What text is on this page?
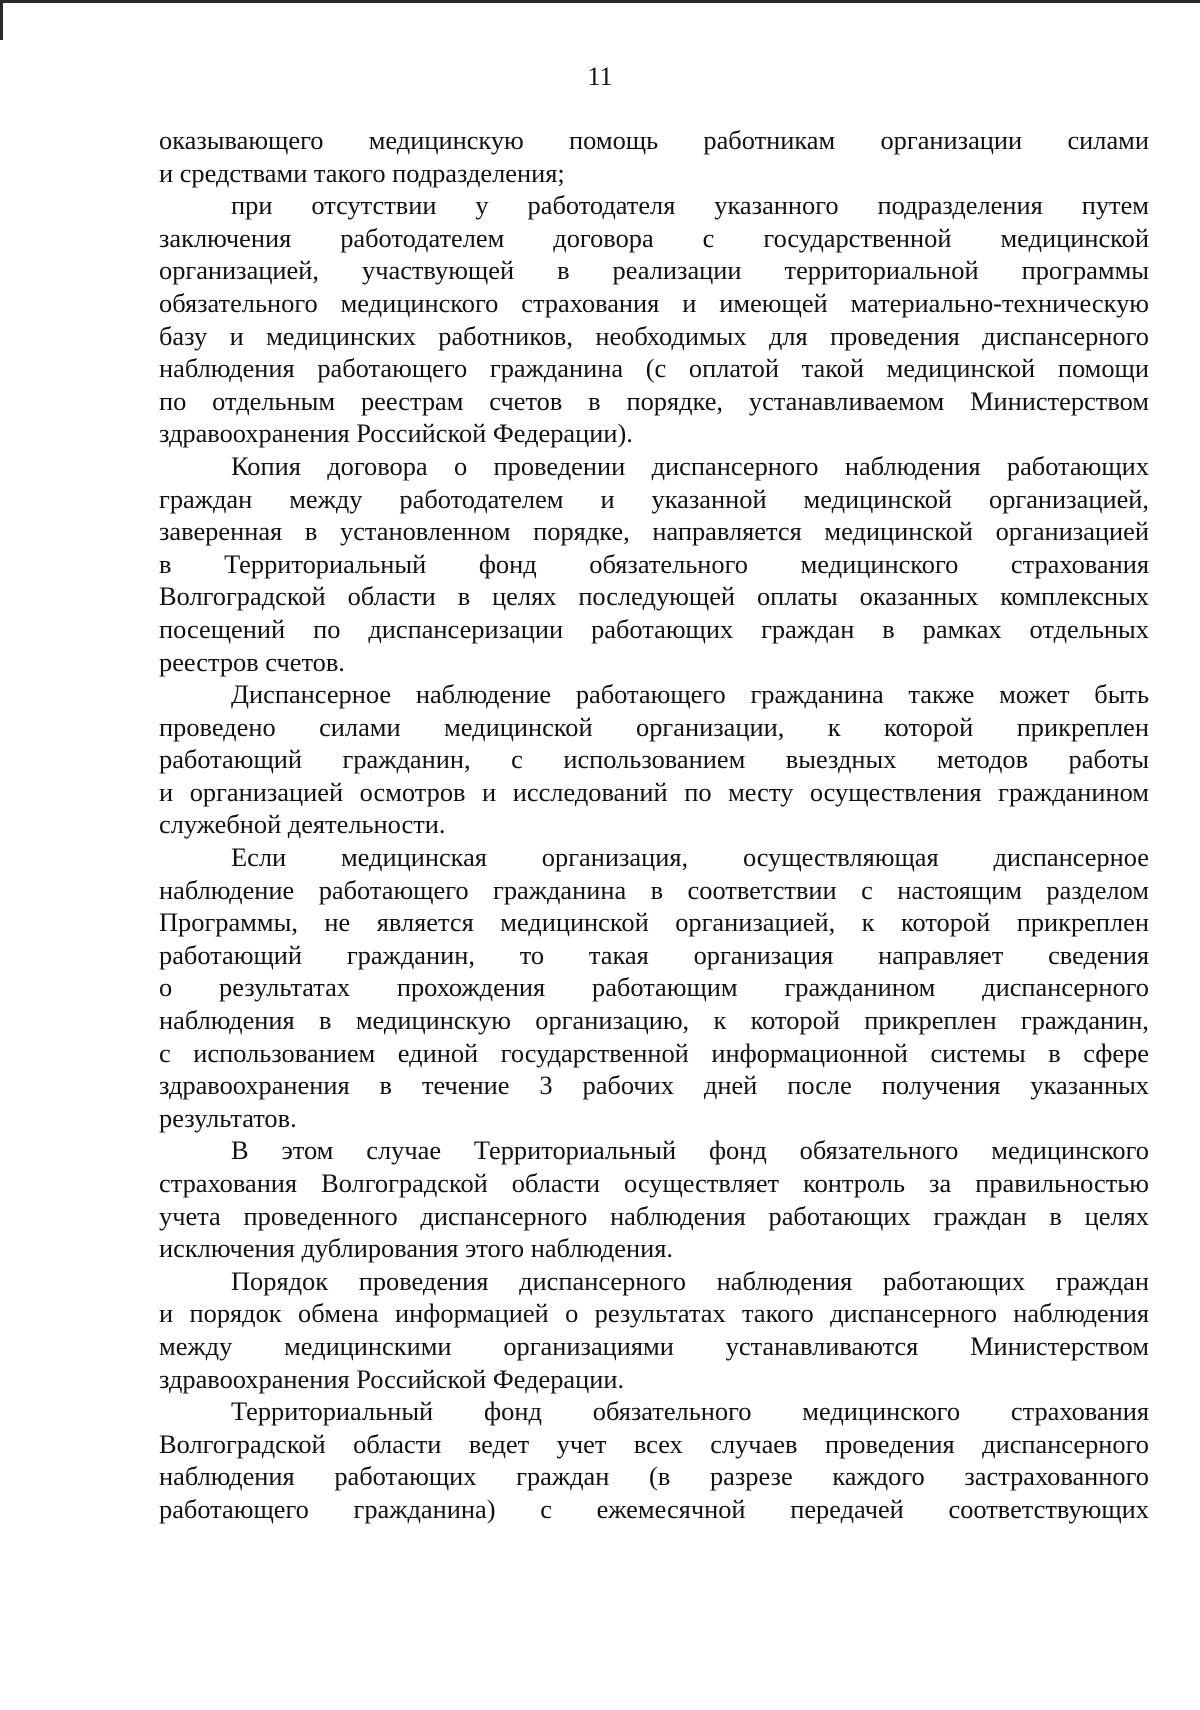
11
оказывающего медицинскую помощь работникам организации силами
и средствами такого подразделения;
при отсутствии у работодателя указанного подразделения путем
заключения работодателем договора с государственной медицинской
организацией, участвующей в реализации территориальной программы
обязательного медицинского страхования и имеющей материально-техническую
базу и медицинских работников, необходимых для проведения диспансерного
наблюдения работающего гражданина (с оплатой такой медицинской помощи
по отдельным реестрам счетов в порядке, устанавливаемом Министерством
здравоохранения Российской Федерации).
Копия договора о проведении диспансерного наблюдения работающих
граждан между работодателем и указанной медицинской организацией,
заверенная в установленном порядке, направляется медицинской организацией
в Территориальный фонд обязательного медицинского страхования
Волгоградской области в целях последующей оплаты оказанных комплексных
посещений по диспансеризации работающих граждан в рамках отдельных
реестров счетов.
Диспансерное наблюдение работающего гражданина также может быть
проведено силами медицинской организации, к которой прикреплен
работающий гражданин, с использованием выездных методов работы
и организацией осмотров и исследований по месту осуществления гражданином
служебной деятельности.
Если медицинская организация, осуществляющая диспансерное
наблюдение работающего гражданина в соответствии с настоящим разделом
Программы, не является медицинской организацией, к которой прикреплен
работающий гражданин, то такая организация направляет сведения
о результатах прохождения работающим гражданином диспансерного
наблюдения в медицинскую организацию, к которой прикреплен гражданин,
с использованием единой государственной информационной системы в сфере
здравоохранения в течение 3 рабочих дней после получения указанных
результатов.
В этом случае Территориальный фонд обязательного медицинского
страхования Волгоградской области осуществляет контроль за правильностью
учета проведенного диспансерного наблюдения работающих граждан в целях
исключения дублирования этого наблюдения.
Порядок проведения диспансерного наблюдения работающих граждан
и порядок обмена информацией о результатах такого диспансерного наблюдения
между медицинскими организациями устанавливаются Министерством
здравоохранения Российской Федерации.
Территориальный фонд обязательного медицинского страхования
Волгоградской области ведет учет всех случаев проведения диспансерного
наблюдения работающих граждан (в разрезе каждого застрахованного
работающего гражданина) с ежемесячной передачей соответствующих
